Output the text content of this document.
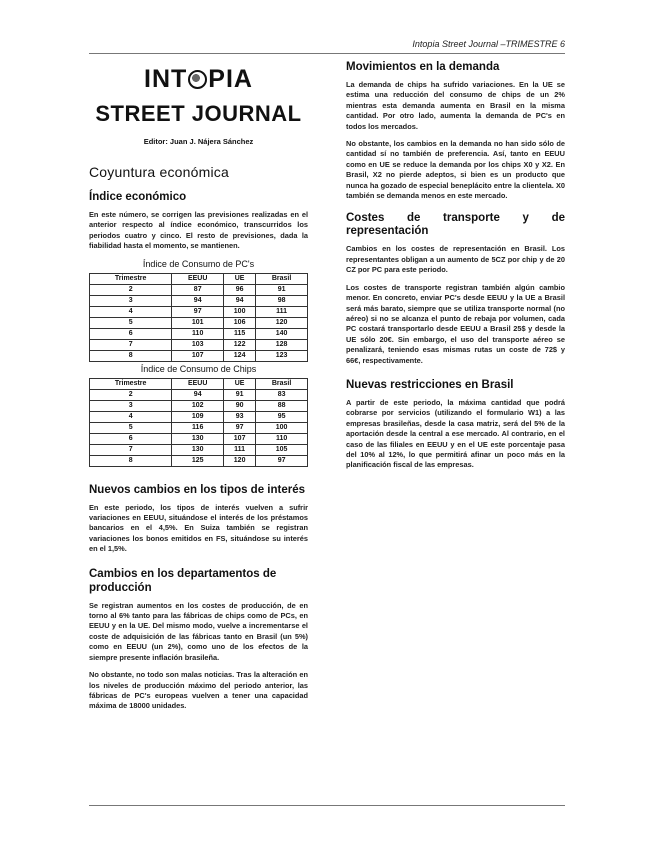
Intopia Street Journal –TRIMESTRE 6
INT PIA
STREET JOURNAL
Editor: Juan J. Nájera Sánchez
Coyuntura económica
Índice económico

En este número, se corrigen las previsiones realizadas en el anterior respecto al índice económico, transcurridos los periodos cuatro y cinco. El resto de previsiones, dada la fiabilidad hasta el momento, se mantienen.

Índice de Consumo de PC's
Trimestre	EEUU	UE	Brasil
2	87	96	91
3	94	94	98
4	97	100	111
5	101	106	120
6	110	115	140
7	103	122	128
8	107	124	123
Índice de Consumo de Chips
Trimestre	EEUU	UE	Brasil
2	94	91	83
3	102	90	88
4	109	93	95
5	116	97	100
6	130	107	110
7	130	111	105
8	125	120	97
Nuevos cambios en los tipos de interés

En este periodo, los tipos de interés vuelven a sufrir variaciones en EEUU, situándose el interés de los préstamos bancarios en el 4,5%. En Suiza también se registran variaciones los bonos emitidos en FS, situándose su interés en el 1,5%.

Cambios en los departamentos de producción

Se registran aumentos en los costes de producción, de en torno al 6% tanto para las fábricas de chips como de PCs, en EEUU y en la UE. Del mismo modo, vuelve a incrementarse el coste de adquisición de las fábricas tanto en Brasil (un 5%) como en EEUU (un 2%), como uno de los efectos de la siempre presente inflación brasileña.

No obstante, no todo son malas noticias. Tras la alteración en los niveles de producción máximo del periodo anterior, las fábricas de PC's europeas vuelven a tener una capacidad máxima de 18000 unidades.

Movimientos en la demanda

La demanda de chips ha sufrido variaciones. En la UE se estima una reducción del consumo de chips de un 2% mientras esta demanda aumenta en Brasil en la misma cantidad. Por otro lado, aumenta la demanda de PC's en todos los mercados.

No obstante, los cambios en la demanda no han sido sólo de cantidad sí no también de preferencia. Así, tanto en EEUU como en UE se reduce la demanda por los chips X0 y X2. En Brasil, X2 no pierde adeptos, si bien es un producto que nunca ha gozado de especial beneplácito entre la clientela. X0 también se demanda menos en este mercado.

Costes de transporte y de
representación

Cambios en los costes de representación en Brasil. Los representantes obligan a un aumento de 5CZ por chip y de 20 CZ por PC para este periodo.

Los costes de transporte registran también algún cambio menor. En concreto, enviar PC's desde EEUU y la UE a Brasil será más barato, siempre que se utiliza transporte normal (no aéreo) si no se alcanza el punto de rebaja por volumen, cada PC costará transportarlo desde EEUU a Brasil 25$ y desde la UE sólo 20€. Sin embargo, el uso del transporte aéreo se penalizará, teniendo esas mismas rutas un coste de 72$ y 66€, respectivamente.

Nuevas restricciones en Brasil

A partir de este periodo, la máxima cantidad que podrá cobrarse por servicios (utilizando el formulario W1) a las empresas brasileñas, desde la casa matriz, será del 5% de la aportación desde la central a ese mercado. Al contrario, en el caso de las filiales en EEUU y en el UE este porcentaje pasa del 10% al 12%, lo que permitirá afinar un poco más en la planificación fiscal de las empresas.
